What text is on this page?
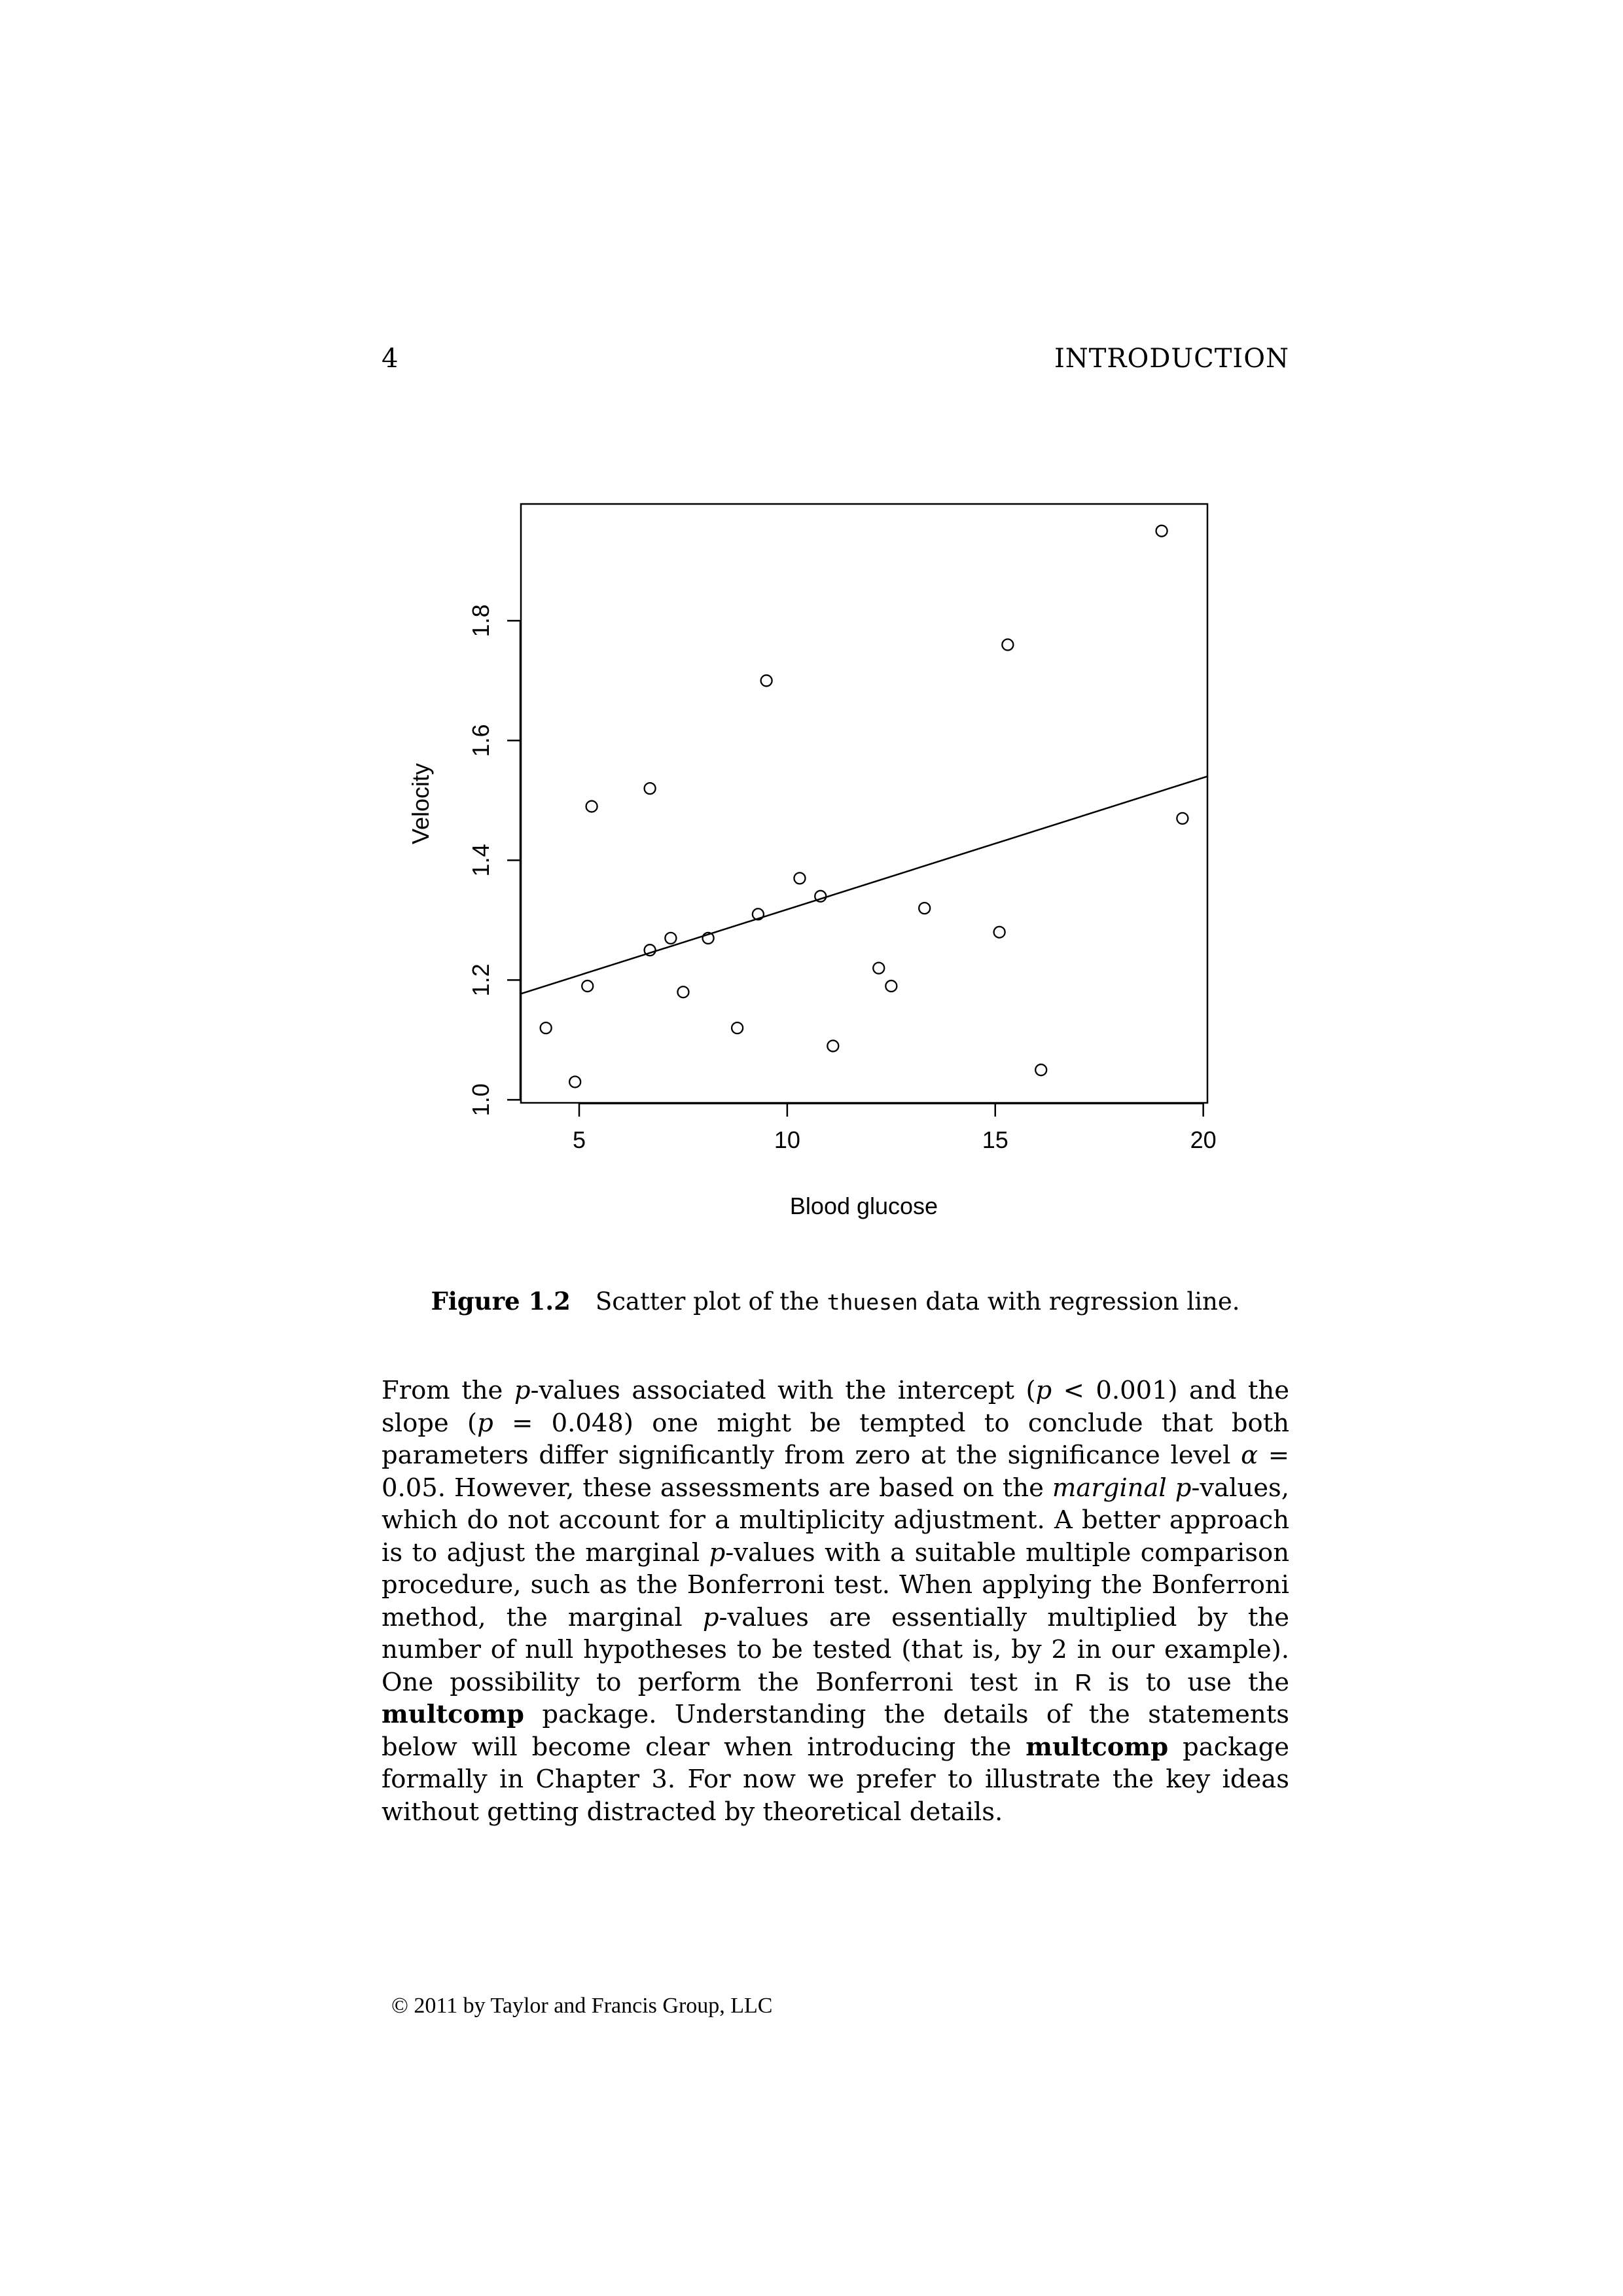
4	INTRODUCTION
5	10	15	20
1.0
1.2
1.4
1.6
1.8
Blood glucose
Velocity
Figure 1.2 Scatter plot of the thuesen data with regression line.
From the p-values associated with the intercept (p < 0.001) and the slope (p = 0.048) one might be tempted to conclude that both parameters differ significantly from zero at the significance level α = 0.05. However, these assessments are based on the marginal p-values, which do not account for a multiplicity adjustment. A better approach is to adjust the marginal p-values with a suitable multiple comparison procedure, such as the Bonferroni test. When applying the Bonferroni method, the marginal p-values are essentially multiplied by the number of null hypotheses to be tested (that is, by 2 in our example). One possibility to perform the Bonferroni test in R is to use the multcomp package. Understanding the details of the statements below will become clear when introducing the multcomp package formally in Chapter 3. For now we prefer to illustrate the key ideas without getting distracted by theoretical details.
© 2011 by Taylor and Francis Group, LLC
